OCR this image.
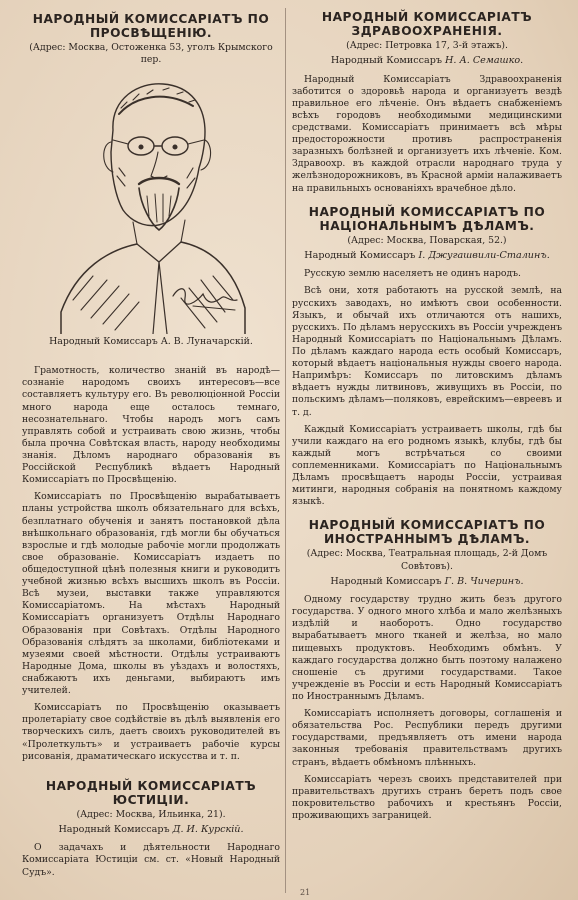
НАРОДНЫЙ КОМИССАРІАТЪ ПО ПРОСВѢЩЕНІЮ.
(Адрес: Москва, Остоженка 53, уголъ Крымского пер.
Народный Комиссаръ А. В. Луначарскій.

Грамотность, количество знаній въ народѣ—сознаніе народомъ своихъ интересовъ—все составляетъ культуру его. Въ революціонной Россіи много народа еще осталось темнаго, несознательнаго. Чтобы народъ могъ самъ управлять собой и устраивать свою жизнь, чтобы была прочна Совѣтская власть, народу необходимы знанія. Дѣломъ народнаго образованія въ Россійской Республикѣ вѣдаетъ Народный Комиссаріатъ по Просвѣщенію.

Комиссаріатъ по Просвѣщенію вырабатываетъ планы устройства школъ обязательнаго для всѣхъ, безплатнаго обученія и занятъ постановкой дѣла внѣшкольнаго образованія, гдѣ могли бы обучаться взрослые и гдѣ молодые рабочіе могли продолжать свое образованіе. Комиссаріатъ издаетъ по общедоступной цѣнѣ полезныя книги и руководитъ учебной жизнью всѣхъ высшихъ школъ въ Россіи. Всѣ музеи, выставки также управляются Комиссаріатомъ. На мѣстахъ Народный Комиссаріатъ организуетъ Отдѣлы Народнаго Образованія при Совѣтахъ. Отдѣлы Народного Образованія слѣдятъ за школами, библіотеками и музеями своей мѣстности. Отдѣлы устраиваютъ Народные Дома, школы въ уѣздахъ и волостяхъ, снабжаютъ ихъ деньгами, выбираютъ имъ учителей.

Комиссаріатъ по Просвѣщенію оказываетъ пролетаріату свое содѣйствіе въ дѣлѣ выявленія его творческихъ силъ, даетъ своихъ руководителей въ «Пролеткультъ» и устраиваетъ рабочіе курсы рисованія, драматическаго искусства и т. п.

НАРОДНЫЙ КОМИССАРІАТЪ ЮСТИЦІИ.
(Адрес: Москва, Ильинка, 21).
Народный Комиссаръ Д. И. Курскій.

О задачахъ и дѣятельности Народнаго Комиссаріата Юстиціи см. ст. «Новый Народный Судъ».

НАРОДНЫЙ КОМИССАРІАТЪ ЗДРАВООХРАНЕНІЯ.
(Адрес: Петровка 17, 3-й этажъ).
Народный Комиссаръ Н. А. Семашко.

Народный Комиссаріатъ Здравоохраненія заботится о здоровьѣ народа и организуетъ вездѣ правильное его лѣченіе. Онъ вѣдаетъ снабженіемъ всѣхъ городовъ необходимыми медицинскими средствами. Комиссаріатъ принимаетъ всѣ мѣры предосторожности противъ распространенія заразныхъ болѣзней и организуетъ ихъ лѣченіе. Ком. Здравоохр. въ каждой отрасли народнаго труда у желѣзнодорожниковъ, въ Красной армiи налаживаетъ на правильныхъ основаніяхъ врачебное дѣло.

НАРОДНЫЙ КОМИССАРІАТЪ ПО НАЦІОНАЛЬНЫМЪ ДѢЛАМЪ.
(Адрес: Москва, Поварская, 52.)
Народный Комиссаръ І. Джугашвили-Сталинъ.

Русскую землю населяетъ не одинъ народъ.

Всѣ они, хотя работаютъ на русской землѣ, на русскихъ заводахъ, но имѣютъ свои особенности. Языкъ, и обычай ихъ отличаются отъ нашихъ, русскихъ. По дѣламъ нерусскихъ въ Россіи учрежденъ Народный Комиссаріатъ по Національнымъ Дѣламъ. По дѣламъ каждаго народа есть особый Комиссаръ, который вѣдаетъ національныя нужды своего народа. Напримѣръ: Комиссаръ по литовскимъ дѣламъ вѣдаетъ нужды литвиновъ, живущихъ въ Россіи, по польскимъ дѣламъ—поляковъ, еврейскимъ—евреевъ и т. д.

Каждый Комиссаріатъ устраиваетъ школы, гдѣ бы учили каждаго на его родномъ языкѣ, клубы, гдѣ бы каждый могъ встрѣчаться со своими соплеменниками. Комиссаріатъ по Національнымъ Дѣламъ просвѣщаетъ народы Россіи, устраивая митинги, народныя собранія на понятномъ каждому языкѣ.

НАРОДНЫЙ КОМИССАРІАТЪ ПО ИНОСТРАННЫМЪ ДѢЛАМЪ.
(Адрес: Москва, Театральная площадь, 2-й Домъ Совѣтовъ).
Народный Комиссаръ Г. В. Чичеринъ.

Одному государству трудно жить безъ другого государства. У одного много хлѣба и мало желѣзныхъ издѣлій и наоборотъ. Одно государство вырабатываетъ много тканей и желѣза, но мало пищевыхъ продуктовъ. Необходимъ обмѣнъ. У каждаго государства должно быть поэтому налажено сношеніе съ другими государствами. Такое учрежденіе въ Россіи и есть Народный Комиссаріатъ по Иностраннымъ Дѣламъ.

Комиссаріатъ исполняетъ договоры, соглашенія и обязательства Рос. Республики передъ другими государствами, предъявляетъ отъ имени народа законныя требованія правительствамъ другихъ странъ, вѣдаетъ обмѣномъ плѣнныхъ.

Комиссаріатъ черезъ своихъ представителей при правительствахъ другихъ странъ беретъ подъ свое покровительство рабочихъ и крестьянъ Россіи, проживающихъ заграницей.

21
